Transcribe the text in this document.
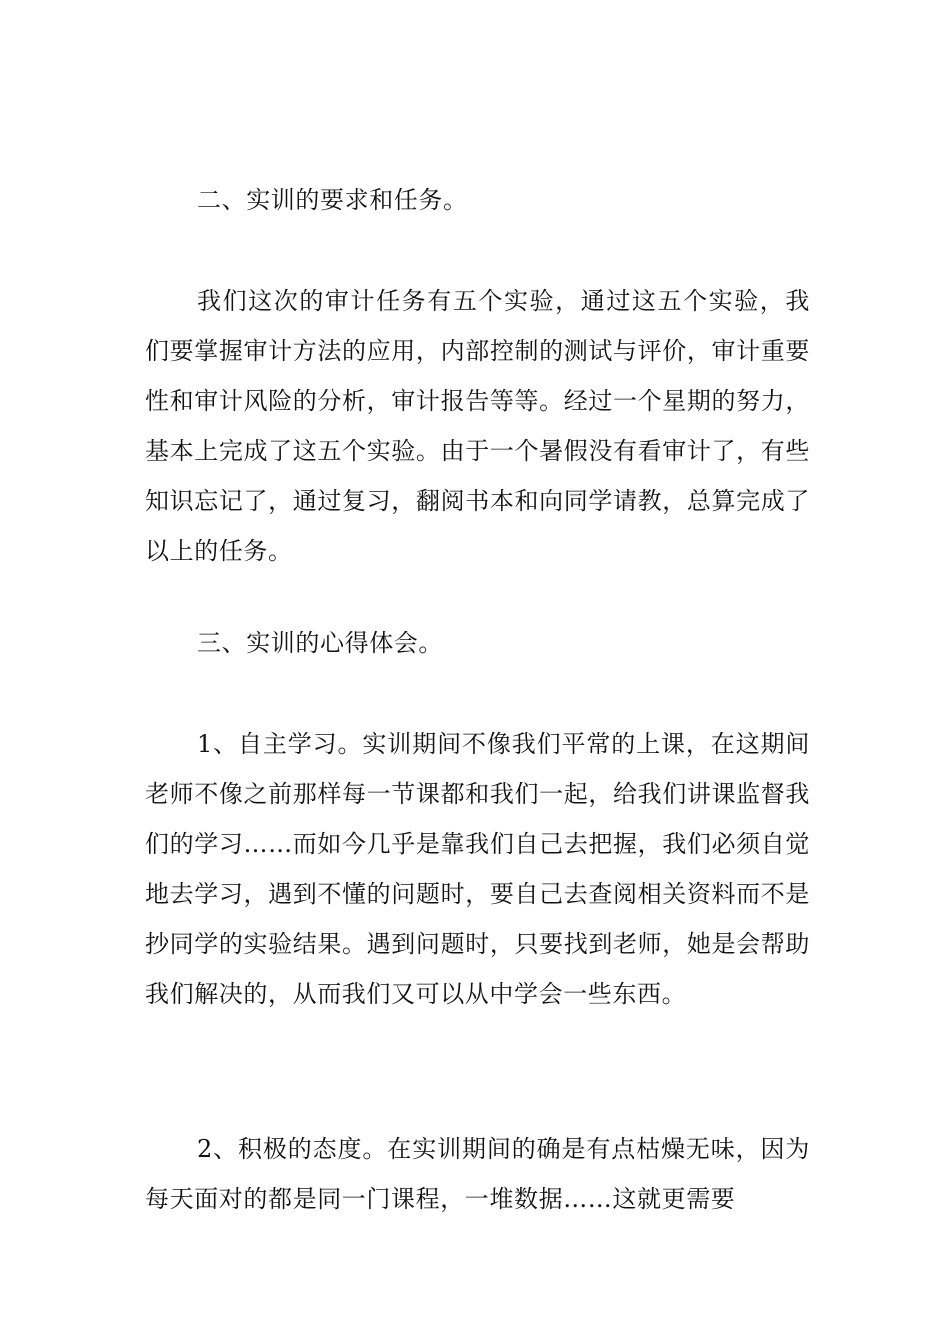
二、实训的要求和任务。

我们这次的审计任务有五个实验，通过这五个实验，我们要掌握审计方法的应用，内部控制的测试与评价，审计重要性和审计风险的分析，审计报告等等。经过一个星期的努力，基本上完成了这五个实验。由于一个暑假没有看审计了，有些知识忘记了，通过复习，翻阅书本和向同学请教，总算完成了以上的任务。

三、实训的心得体会。

1、自主学习。实训期间不像我们平常的上课，在这期间老师不像之前那样每一节课都和我们一起，给我们讲课监督我们的学习……而如今几乎是靠我们自己去把握，我们必须自觉地去学习，遇到不懂的问题时，要自己去查阅相关资料而不是抄同学的实验结果。遇到问题时，只要找到老师，她是会帮助我们解决的，从而我们又可以从中学会一些东西。

2、积极的态度。在实训期间的确是有点枯燥无味，因为每天面对的都是同一门课程，一堆数据……这就更需要
